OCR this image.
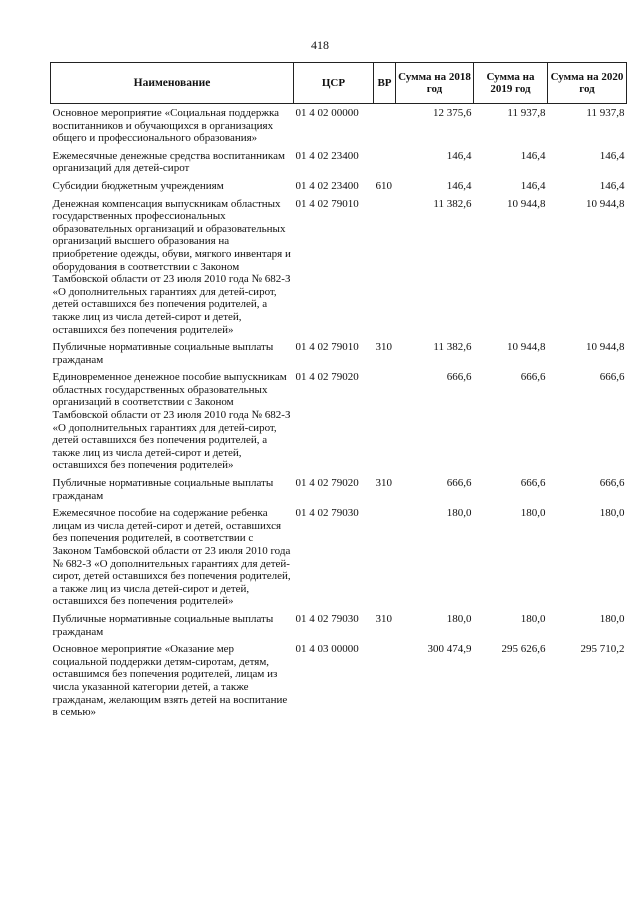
418
Наименование	ЦСР	ВР	Сумма на 2018 год	Сумма на 2019 год	Сумма на 2020 год
Основное мероприятие «Социальная поддержка воспитанников и обучающихся в организациях общего и профессионального образования»	01 4 02 00000		12 375,6	11 937,8	11 937,8
Ежемесячные денежные средства воспитанникам организаций для детей-сирот	01 4 02 23400		146,4	146,4	146,4
Субсидии бюджетным учреждениям	01 4 02 23400	610	146,4	146,4	146,4
Денежная компенсация выпускникам областных государственных профессиональных образовательных организаций и образовательных организаций высшего образования на приобретение одежды, обуви, мягкого инвентаря и оборудования в соответствии с Законом Тамбовской области от 23 июля 2010 года № 682-З «О дополнительных гарантиях для детей-сирот, детей оставшихся без попечения родителей, а также лиц из числа детей-сирот и детей, оставшихся без попечения родителей»	01 4 02 79010		11 382,6	10 944,8	10 944,8
Публичные нормативные социальные выплаты гражданам	01 4 02 79010	310	11 382,6	10 944,8	10 944,8
Единовременное денежное пособие выпускникам областных государственных образовательных организаций в соответствии с Законом Тамбовской области от 23 июля 2010 года № 682-З «О дополнительных гарантиях для детей-сирот, детей оставшихся без попечения родителей, а также лиц из числа детей-сирот и детей, оставшихся без попечения родителей»	01 4 02 79020		666,6	666,6	666,6
Публичные нормативные социальные выплаты гражданам	01 4 02 79020	310	666,6	666,6	666,6
Ежемесячное пособие на содержание ребенка лицам из числа детей-сирот и детей, оставшихся без попечения родителей, в соответствии с Законом Тамбовской области от 23 июля 2010 года № 682-З «О дополнительных гарантиях для детей-сирот, детей оставшихся без попечения родителей, а также лиц из числа детей-сирот и детей, оставшихся без попечения родителей»	01 4 02 79030		180,0	180,0	180,0
Публичные нормативные социальные выплаты гражданам	01 4 02 79030	310	180,0	180,0	180,0
Основное мероприятие «Оказание мер социальной поддержки детям-сиротам, детям, оставшимся без попечения родителей, лицам из числа указанной категории детей, а также гражданам, желающим взять детей на воспитание в семью»	01 4 03 00000		300 474,9	295 626,6	295 710,2
